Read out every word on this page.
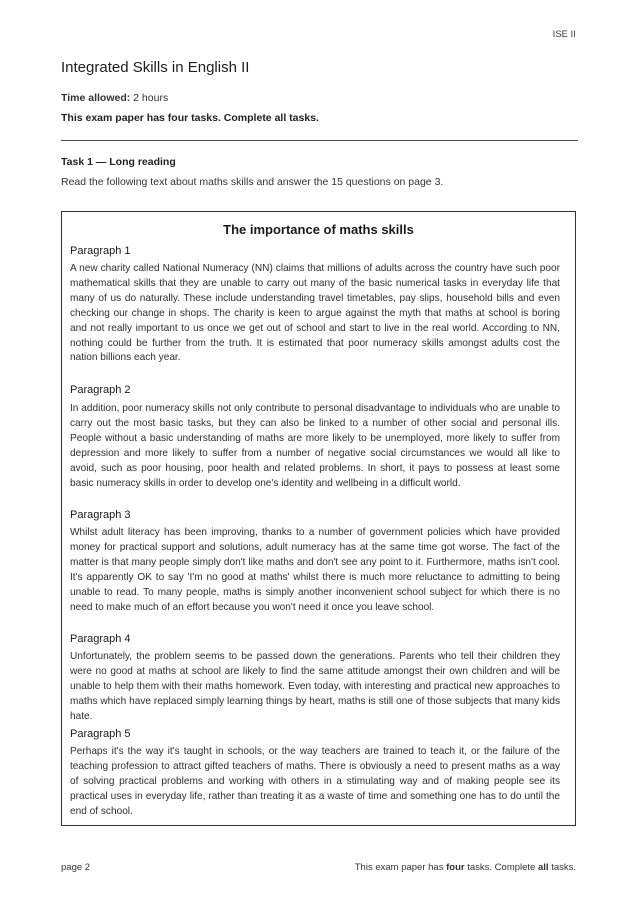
ISE II
Integrated Skills in English II
Time allowed: 2 hours
This exam paper has four tasks. Complete all tasks.
Task 1 — Long reading
Read the following text about maths skills and answer the 15 questions on page 3.
The importance of maths skills
Paragraph 1

A new charity called National Numeracy (NN) claims that millions of adults across the country have such poor mathematical skills that they are unable to carry out many of the basic numerical tasks in everyday life that many of us do naturally. These include understanding travel timetables, pay slips, household bills and even checking our change in shops. The charity is keen to argue against the myth that maths at school is boring and not really important to us once we get out of school and start to live in the real world. According to NN, nothing could be further from the truth. It is estimated that poor numeracy skills amongst adults cost the nation billions each year.

Paragraph 2

In addition, poor numeracy skills not only contribute to personal disadvantage to individuals who are unable to carry out the most basic tasks, but they can also be linked to a number of other social and personal ills. People without a basic understanding of maths are more likely to be unemployed, more likely to suffer from depression and more likely to suffer from a number of negative social circumstances we would all like to avoid, such as poor housing, poor health and related problems. In short, it pays to possess at least some basic numeracy skills in order to develop one's identity and wellbeing in a difficult world.

Paragraph 3

Whilst adult literacy has been improving, thanks to a number of government policies which have provided money for practical support and solutions, adult numeracy has at the same time got worse. The fact of the matter is that many people simply don't like maths and don't see any point to it. Furthermore, maths isn't cool. It's apparently OK to say 'I'm no good at maths' whilst there is much more reluctance to admitting to being unable to read. To many people, maths is simply another inconvenient school subject for which there is no need to make much of an effort because you won't need it once you leave school.

Paragraph 4

Unfortunately, the problem seems to be passed down the generations. Parents who tell their children they were no good at maths at school are likely to find the same attitude amongst their own children and will be unable to help them with their maths homework. Even today, with interesting and practical new approaches to maths which have replaced simply learning things by heart, maths is still one of those subjects that many kids hate.

Paragraph 5

Perhaps it's the way it's taught in schools, or the way teachers are trained to teach it, or the failure of the teaching profession to attract gifted teachers of maths. There is obviously a need to present maths as a way of solving practical problems and working with others in a stimulating way and of making people see its practical uses in everyday life, rather than treating it as a waste of time and something one has to do until the end of school.

page 2	This exam paper has four tasks. Complete all tasks.
